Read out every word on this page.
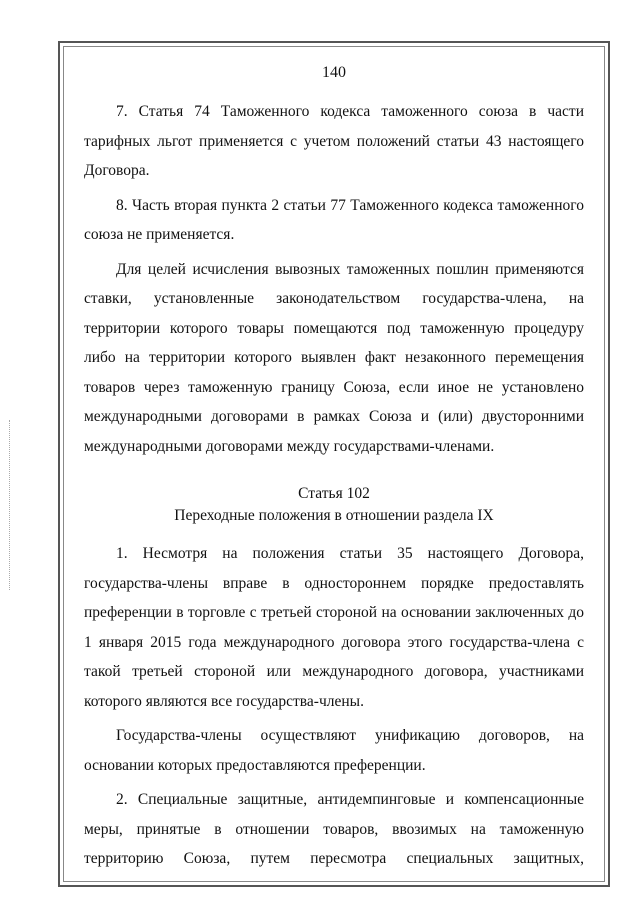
140

7. Статья 74 Таможенного кодекса таможенного союза в части тарифных льгот применяется с учетом положений статьи 43 настоящего Договора.

8. Часть вторая пункта 2 статьи 77 Таможенного кодекса таможенного союза не применяется.

Для целей исчисления вывозных таможенных пошлин применяются ставки, установленные законодательством государства-члена, на территории которого товары помещаются под таможенную процедуру либо на территории которого выявлен факт незаконного перемещения товаров через таможенную границу Союза, если иное не установлено международными договорами в рамках Союза и (или) двусторонними международными договорами между государствами-членами.

Статья 102
Переходные положения в отношении раздела IX

1. Несмотря на положения статьи 35 настоящего Договора, государства-члены вправе в одностороннем порядке предоставлять преференции в торговле с третьей стороной на основании заключенных до 1 января 2015 года международного договора этого государства-члена с такой третьей стороной или международного договора, участниками которого являются все государства-члены.

Государства-члены осуществляют унификацию договоров, на основании которых предоставляются преференции.

2. Специальные защитные, антидемпинговые и компенсационные меры, принятые в отношении товаров, ввозимых на таможенную территорию Союза, путем пересмотра специальных защитных,
